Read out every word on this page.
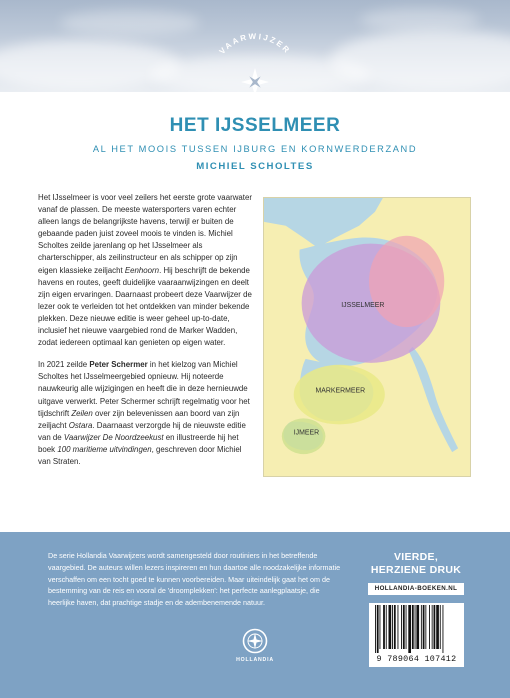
VAARWIJZER
HET IJSSELMEER
AL HET MOOIS TUSSEN IJBURG EN KORNWERDERZAND
MICHIEL SCHOLTES

Het IJsselmeer is voor veel zeilers het eerste grote vaarwater vanaf de plassen. De meeste watersporters varen echter alleen langs de belangrijkste havens, terwijl er buiten de gebaande paden juist zoveel moois te vinden is. Michiel Scholtes zeilde jarenlang op het IJsselmeer als charterschipper, als zeilinstructeur en als schipper op zijn eigen klassieke zeiljacht Eenhoorn. Hij beschrijft de bekende havens en routes, geeft duidelijke vaaraanwijzingen en deelt zijn eigen ervaringen. Daarnaast probeert deze Vaarwijzer de lezer ook te verleiden tot het ontdekken van minder bekende plekken. Deze nieuwe editie is weer geheel up-to-date, inclusief het nieuwe vaargebied rond de Marker Wadden, zodat iedereen optimaal kan genieten op eigen water.

In 2021 zeilde Peter Schermer in het kielzog van Michiel Scholtes het IJsselmeergebied opnieuw. Hij noteerde nauwkeurig alle wijzigingen en heeft die in deze hernieuwde uitgave verwerkt. Peter Schermer schrijft regelmatig voor het tijdschrift Zeilen over zijn belevenissen aan boord van zijn zeiljacht Ostara. Daarnaast verzorgde hij de nieuwste editie van de Vaarwijzer De Noordzeekust en illustreerde hij het boek 100 maritieme uitvindingen, geschreven door Michiel van Straten.

IJSSELMEER
MARKERMEER
IJMEER
De serie Hollandia Vaarwijzers wordt samengesteld door routiniers in het betreffende vaargebied. De auteurs willen lezers inspireren en hun daartoe alle noodzakelijke informatie verschaffen om een tocht goed te kunnen voorbereiden. Maar uiteindelijk gaat het om de bestemming van de reis en vooral de 'droomplekken': het perfecte aanlegplaatsje, die heerlijke haven, dat prachtige stadje en de adembenemende natuur.
VIERDE,
HERZIENE DRUK
HOLLANDIA-BOEKEN.NL
9 789064 107412
HOLLANDIA
